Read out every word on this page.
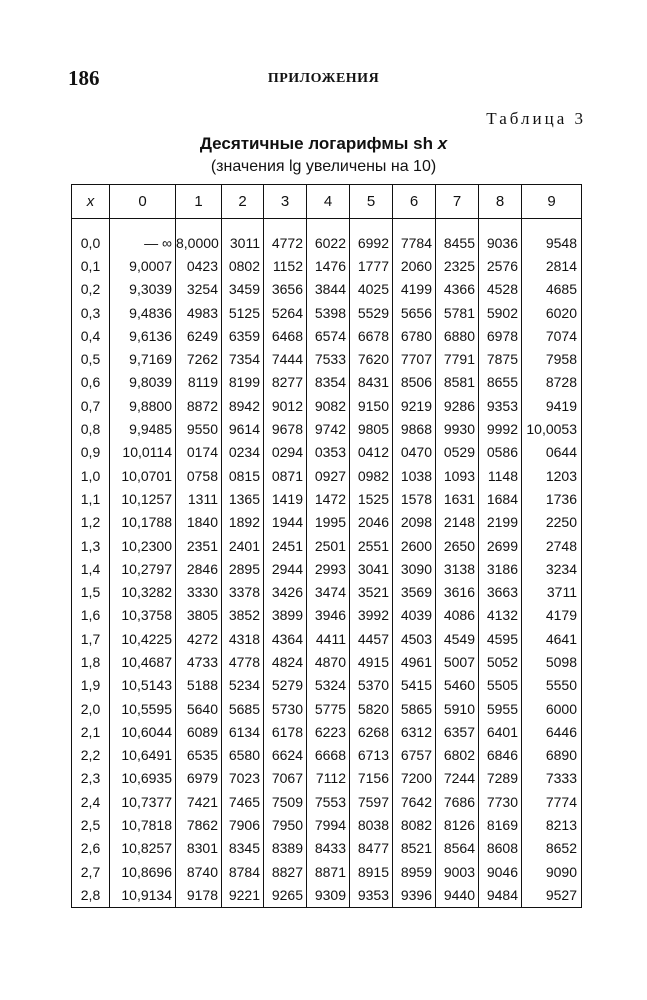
186	ПРИЛОЖЕНИЯ
Таблица 3
Десятичные логарифмы sh x
(значения lg увеличены на 10)
x	0	1	2	3	4	5	6	7	8	9
0,0	— ∞	8,0000	3011	4772	6022	6992	7784	8455	9036	9548
0,1	9,0007	0423	0802	1152	1476	1777	2060	2325	2576	2814
0,2	9,3039	3254	3459	3656	3844	4025	4199	4366	4528	4685
0,3	9,4836	4983	5125	5264	5398	5529	5656	5781	5902	6020
0,4	9,6136	6249	6359	6468	6574	6678	6780	6880	6978	7074
0,5	9,7169	7262	7354	7444	7533	7620	7707	7791	7875	7958
0,6	9,8039	8119	8199	8277	8354	8431	8506	8581	8655	8728
0,7	9,8800	8872	8942	9012	9082	9150	9219	9286	9353	9419
0,8	9,9485	9550	9614	9678	9742	9805	9868	9930	9992	10,0053
0,9	10,0114	0174	0234	0294	0353	0412	0470	0529	0586	0644
1,0	10,0701	0758	0815	0871	0927	0982	1038	1093	1148	1203
1,1	10,1257	1311	1365	1419	1472	1525	1578	1631	1684	1736
1,2	10,1788	1840	1892	1944	1995	2046	2098	2148	2199	2250
1,3	10,2300	2351	2401	2451	2501	2551	2600	2650	2699	2748
1,4	10,2797	2846	2895	2944	2993	3041	3090	3138	3186	3234
1,5	10,3282	3330	3378	3426	3474	3521	3569	3616	3663	3711
1,6	10,3758	3805	3852	3899	3946	3992	4039	4086	4132	4179
1,7	10,4225	4272	4318	4364	4411	4457	4503	4549	4595	4641
1,8	10,4687	4733	4778	4824	4870	4915	4961	5007	5052	5098
1,9	10,5143	5188	5234	5279	5324	5370	5415	5460	5505	5550
2,0	10,5595	5640	5685	5730	5775	5820	5865	5910	5955	6000
2,1	10,6044	6089	6134	6178	6223	6268	6312	6357	6401	6446
2,2	10,6491	6535	6580	6624	6668	6713	6757	6802	6846	6890
2,3	10,6935	6979	7023	7067	7112	7156	7200	7244	7289	7333
2,4	10,7377	7421	7465	7509	7553	7597	7642	7686	7730	7774
2,5	10,7818	7862	7906	7950	7994	8038	8082	8126	8169	8213
2,6	10,8257	8301	8345	8389	8433	8477	8521	8564	8608	8652
2,7	10,8696	8740	8784	8827	8871	8915	8959	9003	9046	9090
2,8	10,9134	9178	9221	9265	9309	9353	9396	9440	9484	9527
